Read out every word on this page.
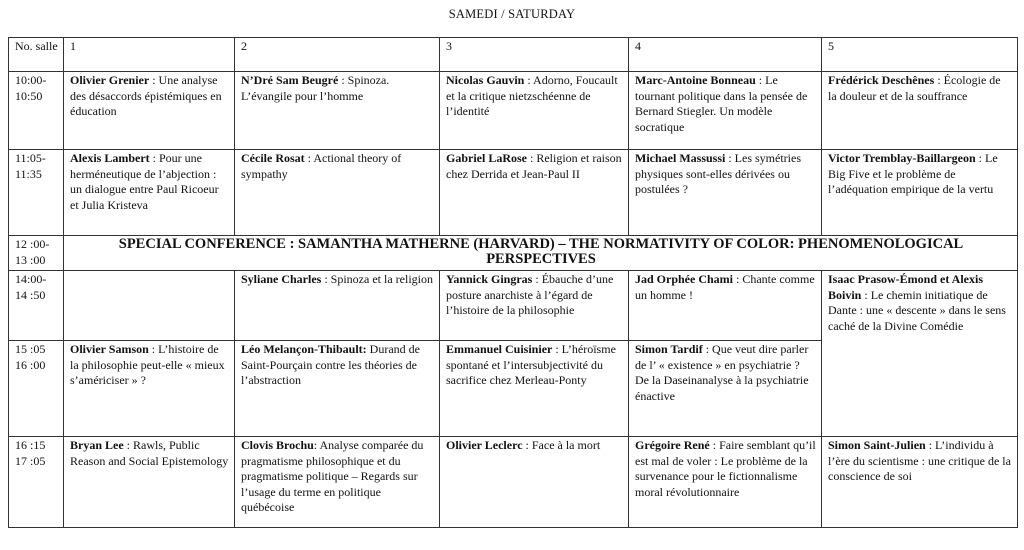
SAMEDI / SATURDAY
No. salle	1	2	3	4	5
10:00- 10:50	Olivier Grenier : Une analyse des désaccords épistémiques en éducation	N’Dré Sam Beugré : Spinoza. L’évangile pour l’homme	Nicolas Gauvin : Adorno, Foucault et la critique nietzschéenne de l’identité	Marc-Antoine Bonneau : Le tournant politique dans la pensée de Bernard Stiegler. Un modèle socratique	Frédérick Deschênes : Écologie de la douleur et de la souffrance
11:05- 11:35	Alexis Lambert : Pour une herméneutique de l’abjection : un dialogue entre Paul Ricoeur et Julia Kristeva	Cécile Rosat : Actional theory of sympathy	Gabriel LaRose : Religion et raison chez Derrida et Jean-Paul II	Michael Massussi : Les symétries physiques sont-elles dérivées ou postulées ?	Victor Tremblay-Baillargeon : Le Big Five et le problème de l’adéquation empirique de la vertu
12 :00- 13 :00	SPECIAL CONFERENCE : SAMANTHA MATHERNE (HARVARD) – THE NORMATIVITY OF COLOR: PHENOMENOLOGICAL PERSPECTIVES				
14:00- 14 :50		Syliane Charles : Spinoza et la religion	Yannick Gingras : Ébauche d’une posture anarchiste à l’égard de l’histoire de la philosophie	Jad Orphée Chami : Chante comme un homme !	Isaac Prasow-Émond et Alexis Boivin : Le chemin initiatique de Dante : une « descente » dans le sens caché de la Divine Comédie
15 :05 16 :00	Olivier Samson : L’histoire de la philosophie peut-elle « mieux s’américiser » ?	Léo Melançon-Thibault: Durand de Saint-Pourçain contre les théories de l’abstraction	Emmanuel Cuisinier : L’héroïsme spontané et l’intersubjectivité du sacrifice chez Merleau-Ponty	Simon Tardif : Que veut dire parler de l’ « existence » en psychiatrie ? De la Daseinanalyse à la psychiatrie énactive	
16 :15 17 :05	Bryan Lee : Rawls, Public Reason and Social Epistemology	Clovis Brochu: Analyse comparée du pragmatisme philosophique et du pragmatisme politique – Regards sur l’usage du terme en politique québécoise	Olivier Leclerc : Face à la mort	Grégoire René : Faire semblant qu’il est mal de voler : Le problème de la survenance pour le fictionnalisme moral révolutionnaire	Simon Saint-Julien : L’individu à l’ère du scientisme : une critique de la conscience de soi
